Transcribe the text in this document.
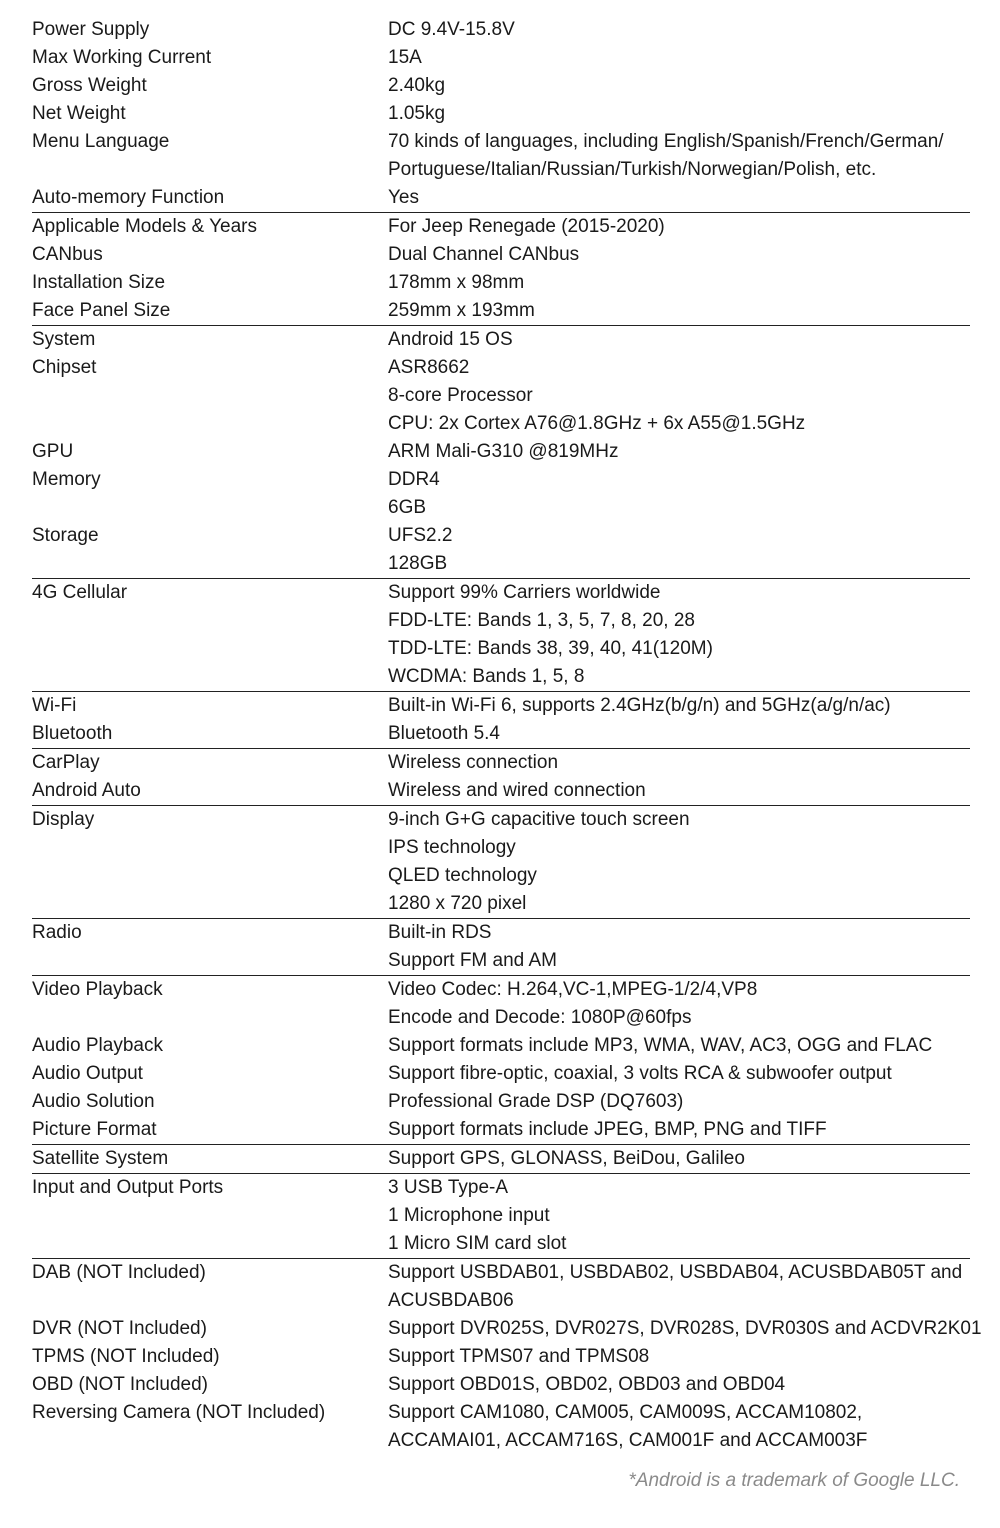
Power Supply	DC 9.4V-15.8V
Max Working Current	15A
Gross Weight	2.40kg
Net Weight	1.05kg
Menu Language	70 kinds of languages, including English/Spanish/French/German/
Portuguese/Italian/Russian/Turkish/Norwegian/Polish, etc.
Auto-memory Function	Yes
Applicable Models & Years	For Jeep Renegade (2015-2020)
CANbus	Dual Channel CANbus
Installation Size	178mm x 98mm
Face Panel Size	259mm x 193mm
System	Android 15 OS
Chipset	ASR8662
8-core Processor
CPU: 2x Cortex A76@1.8GHz + 6x A55@1.5GHz
GPU	ARM Mali-G310 @819MHz
Memory	DDR4
6GB
Storage	UFS2.2
128GB
4G Cellular	Support 99% Carriers worldwide
FDD-LTE: Bands 1, 3, 5, 7, 8, 20, 28
TDD-LTE: Bands 38, 39, 40, 41(120M)
WCDMA: Bands 1, 5, 8
Wi-Fi	Built-in Wi-Fi 6, supports 2.4GHz(b/g/n) and 5GHz(a/g/n/ac)
Bluetooth	Bluetooth 5.4
CarPlay	Wireless connection
Android Auto	Wireless and wired connection
Display	9-inch G+G capacitive touch screen
IPS technology
QLED technology
1280 x 720 pixel
Radio	Built-in RDS
Support FM and AM
Video Playback	Video Codec: H.264,VC-1,MPEG-1/2/4,VP8
Encode and Decode: 1080P@60fps
Audio Playback	Support formats include MP3, WMA, WAV, AC3, OGG and FLAC
Audio Output	Support fibre-optic, coaxial, 3 volts RCA & subwoofer output
Audio Solution	Professional Grade DSP (DQ7603)
Picture Format	Support formats include JPEG, BMP, PNG and TIFF
Satellite System	Support GPS, GLONASS, BeiDou, Galileo
Input and Output Ports	3 USB Type-A
1 Microphone input
1 Micro SIM card slot
DAB (NOT Included)	Support USBDAB01, USBDAB02, USBDAB04, ACUSBDAB05T and
ACUSBDAB06
DVR (NOT Included)	Support DVR025S, DVR027S, DVR028S, DVR030S and ACDVR2K01
TPMS (NOT Included)	Support TPMS07 and TPMS08
OBD (NOT Included)	Support OBD01S, OBD02, OBD03 and OBD04
Reversing Camera (NOT Included)	Support CAM1080, CAM005, CAM009S, ACCAM10802,
ACCAMAI01, ACCAM716S, CAM001F and ACCAM003F
*Android is a trademark of Google LLC.
